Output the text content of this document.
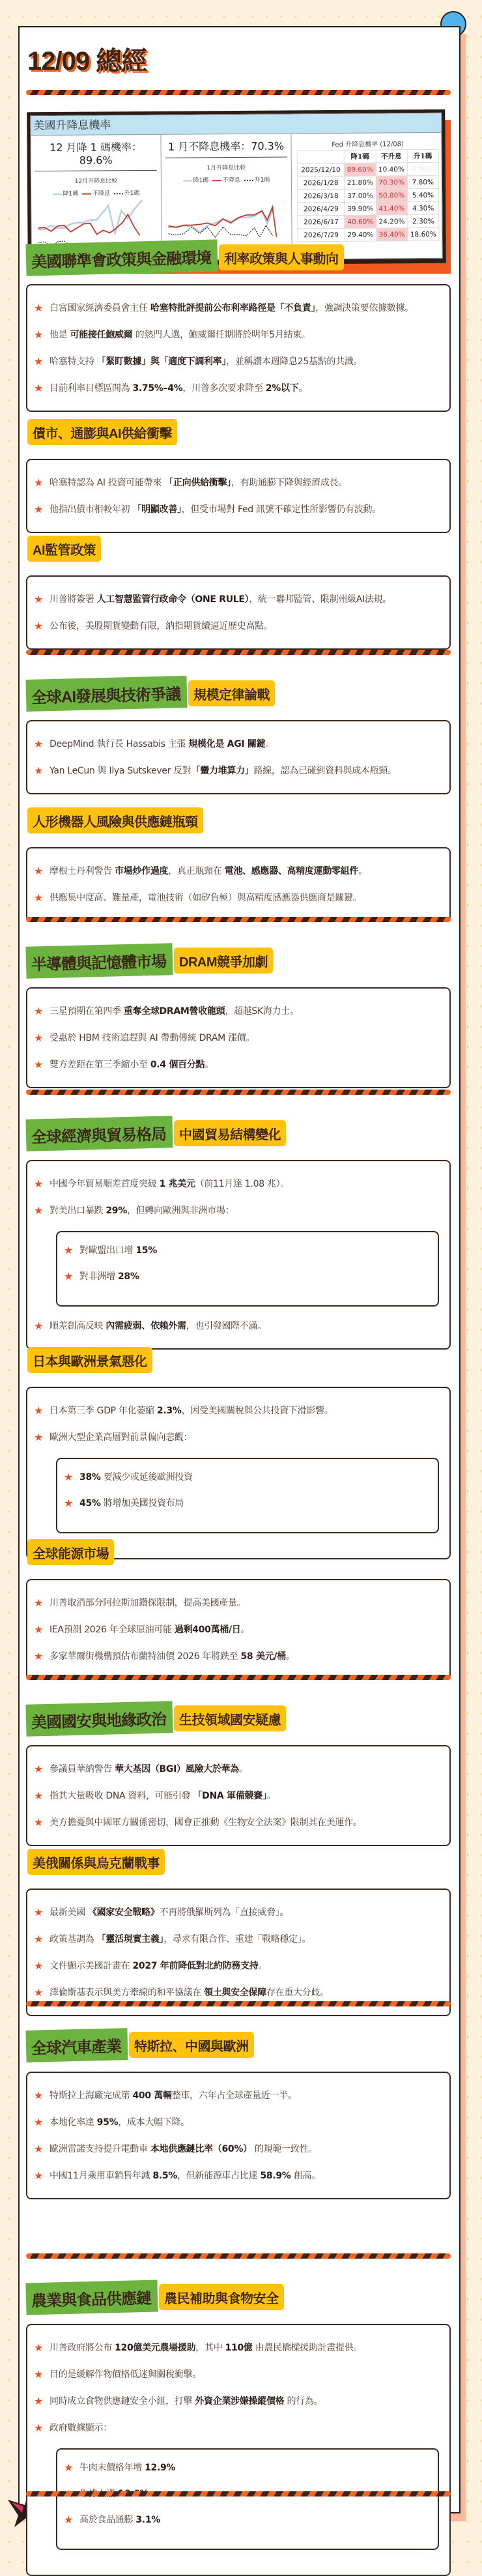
12/09 總經
美國升降息機率
12 月降 1 碼機率：89.6%
12月升降息比較
降1碼 不降息 升1碼
1 月不降息機率：70.3%
1月升降息比較
降1碼 不降息 升1碼
Fed 升降息機率 (12/08)
	降1碼	不升息	升1碼
2025/12/10	89.60%	10.40%	0.00%
2026/1/28	21.80%	70.30%	7.80%
2026/3/18	37.00%	50.80%	5.40%
2026/4/29	39.90%	41.40%	4.30%
2026/6/17	40.60%	24.20%	2.30%
2026/7/29	29.40%	36.40%	18.60%
美國聯準會政策與金融環境 利率政策與人事動向
★ 白宮國家經濟委員會主任 哈塞特批評提前公布利率路徑是「不負責」，強調決策要依據數據。
★ 他是 可能接任鮑威爾 的熱門人選，鮑威爾任期將於明年5月結束。
★ 哈塞特支持 「緊盯數據」與「適度下調利率」，並稱讚本週降息25基點的共識。
★ 目前利率目標區間為 3.75%–4%，川普多次要求降至 2%以下。
債市、通膨與AI供給衝擊
★ 哈塞特認為 AI 投資可能帶來 「正向供給衝擊」，有助通膨下降與經濟成長。
★ 他指出債市相較年初 「明顯改善」，但受市場對 Fed 訊號不確定性所影響仍有波動。
AI監管政策
★ 川普將簽署 人工智慧監管行政命令（ONE RULE），統一聯邦監管、限制州級AI法規。
★ 公布後，美股期貨變動有限，納指期貨續逼近歷史高點。
全球AI發展與技術爭議 規模定律論戰
★ DeepMind 執行長 Hassabis 主張 規模化是 AGI 關鍵。
★ Yan LeCun 與 Ilya Sutskever 反對「蠻力堆算力」路線，認為已碰到資料與成本瓶頸。
人形機器人風險與供應鏈瓶頸
★ 摩根士丹利警告 市場炒作過度，真正瓶頸在 電池、感應器、高精度運動零組件。
★ 供應集中度高、難量產，電池技術（如矽負極）與高精度感應器供應商是關鍵。
半導體與記憶體市場 DRAM競爭加劇
★ 三星預期在第四季 重奪全球DRAM營收龍頭，超越SK海力士。
★ 受惠於 HBM 技術追趕與 AI 帶動傳統 DRAM 漲價。
★ 雙方差距在第三季縮小至 0.4 個百分點。
全球經濟與貿易格局 中國貿易結構變化
★ 中國今年貿易順差首度突破 1 兆美元（前11月達 1.08 兆）。
★ 對美出口暴跌 29%，但轉向歐洲與非洲市場：
★ 對歐盟出口增 15%
★ 對非洲增 28%
★ 順差創高反映 內需疲弱、依賴外需，也引發國際不滿。
日本與歐洲景氣惡化
★ 日本第三季 GDP 年化萎縮 2.3%，因受美國關稅與公共投資下滑影響。
★ 歐洲大型企業高層對前景偏向悲觀：
★ 38% 要減少或延後歐洲投資
★ 45% 將增加美國投資布局
全球能源市場
★ 川普取消部分阿拉斯加鑽探限制，提高美國產量。
★ IEA預測 2026 年全球原油可能 過剩400萬桶/日。
★ 多家華爾街機構預估布蘭特油價 2026 年將跌至 58 美元/桶。
美國國安與地緣政治 生技領域國安疑慮
★ 參議員華納警告 華大基因（BGI）風險大於華為。
★ 指其大量吸收 DNA 資料，可能引發 「DNA 軍備競賽」。
★ 美方擔憂與中國軍方關係密切，國會正推動《生物安全法案》限制其在美運作。
美俄關係與烏克蘭戰事
★ 最新美國 《國家安全戰略》不再將俄羅斯列為「直接威脅」。
★ 政策基調為 「靈活現實主義」，尋求有限合作、重建「戰略穩定」。
★ 文件顯示美國計畫在 2027 年前降低對北約防務支持。
★ 澤倫斯基表示與美方牽線的和平協議在 領土與安全保障存在重大分歧。
全球汽車產業 特斯拉、中國與歐洲
★ 特斯拉上海廠完成第 400 萬輛整車，六年占全球產量近一半。
★ 本地化率達 95%，成本大幅下降。
★ 歐洲雷諾支持提升電動車 本地供應鏈比率（60%） 的規範一致性。
★ 中國11月乘用車銷售年減 8.5%，但新能源車占比達 58.9% 創高。
農業與食品供應鏈 農民補助與食物安全
★ 川普政府將公布 120億美元農場援助，其中 110億 由農民橋樑援助計畫提供。
★ 目的是緩解作物價格低迷與關稅衝擊。
★ 同時成立食物供應鏈安全小組，打擊 外資企業涉嫌操縱價格 的行為。
★ 政府數據顯示：
★ 牛肉末價格年增 12.9%
★ 高於食品通膨 3.1%
